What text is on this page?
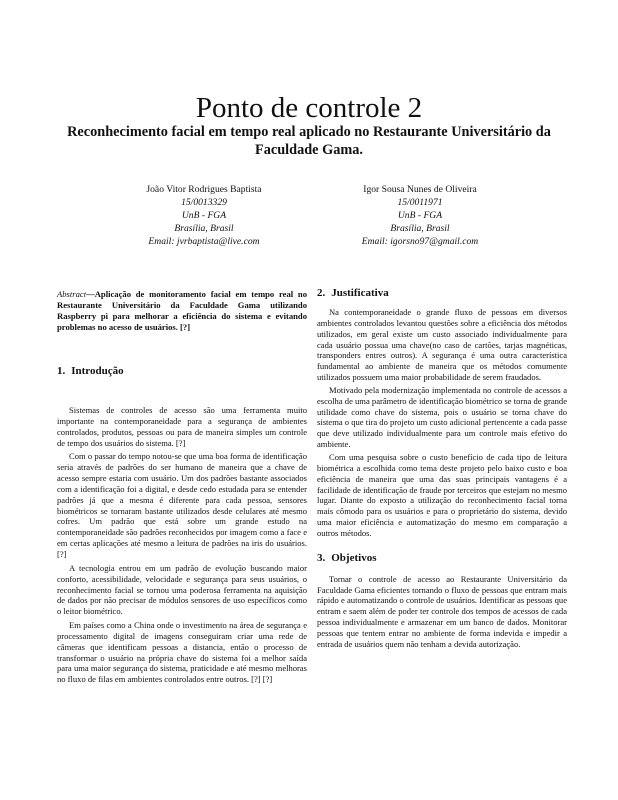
Ponto de controle 2
Reconhecimento facial em tempo real aplicado no Restaurante Universitário da Faculdade Gama.
João Vitor Rodrigues Baptista
15/0013329
UnB - FGA
Brasília, Brasil
Email: jvrbaptista@live.com
Igor Sousa Nunes de Oliveira
15/0011971
UnB - FGA
Brasília, Brasil
Email: igorsno97@gmail.com

Abstract—Aplicação de monitoramento facial em tempo real no Restaurante Universitário da Faculdade Gama utilizando Raspberry pi para melhorar a eficiência do sistema e evitando problemas no acesso de usuários. [?]

1. Introdução

Sistemas de controles de acesso são uma ferramenta muito importante na contemporaneidade para a segurança de ambientes controlados, produtos, pessoas ou para de maneira simples um controle de tempo dos usuários do sistema. [?]

Com o passar do tempo notou-se que uma boa forma de identificação seria através de padrões do ser humano de maneira que a chave de acesso sempre estaria com usuário. Um dos padrões bastante associados com a identificação foi a digital, e desde cedo estudada para se entender padrões já que a mesma é diferente para cada pessoa, sensores biométricos se tornaram bastante utilizados desde celulares até mesmo cofres. Um padrão que está sobre um grande estudo na contemporaneidade são padrões reconhecidos por imagem como a face e em certas aplicações até mesmo a leitura de padrões na iris do usuários. [?]

A tecnologia entrou em um padrão de evolução buscando maior conforto, acessibilidade, velocidade e segurança para seus usuários, o reconhecimento facial se tornou uma poderosa ferramenta na aquisição de dados por não precisar de módulos sensores de uso específicos como o leitor biométrico.

Em países como a China onde o investimento na área de segurança e processamento digital de imagens conseguiram criar uma rede de câmeras que identificam pessoas a distancia, então o processo de transformar o usuário na própria chave do sistema foi a melhor saída para uma maior segurança do sistema, praticidade e até mesmo melhoras no fluxo de filas em ambientes controlados entre outros. [?] [?]

2. Justificativa

Na contemporaneidade o grande fluxo de pessoas em diversos ambientes controlados levantou questões sobre a eficiência dos métodos utilizados, em geral existe um custo associado individualmente para cada usuário possua uma chave(no caso de cartões, tarjas magnéticas, transponders entres outros). A segurança é uma outra característica fundamental ao ambiente de maneira que os métodos comumente utilizados possuem uma maior probabilidade de serem fraudados.

Motivado pela modernização implementada no controle de acessos a escolha de uma parâmetro de identificação biométrico se torna de grande utilidade como chave do sistema, pois o usuário se torna chave do sistema o que tira do projeto um custo adicional pertencente a cada passe que deve utilizado individualmente para um controle mais efetivo do ambiente.

Com uma pesquisa sobre o custo benefício de cada tipo de leitura biométrica a escolhida como tema deste projeto pelo baixo custo e boa eficiência de maneira que uma das suas principais vantagens é a facilidade de identificação de fraude por terceiros que estejam no mesmo lugar. Diante do exposto a utilização do reconhecimento facial torna mais cômodo para os usuários e para o proprietário do sistema, devido uma maior eficiência e automatização do mesmo em comparação a outros métodos.

3. Objetivos

Tornar o controle de acesso ao Restaurante Universitário da Faculdade Gama eficientes tornando o fluxo de pessoas que entram mais rápido e automatizando o controle de usuários. Identificar as pessoas que entram e saem além de poder ter controle dos tempos de acessos de cada pessoa individualmente e armazenar em um banco de dados. Monitorar pessoas que tentem entrar no ambiente de forma indevida e impedir a entrada de usuários quem não tenham a devida autorização.
